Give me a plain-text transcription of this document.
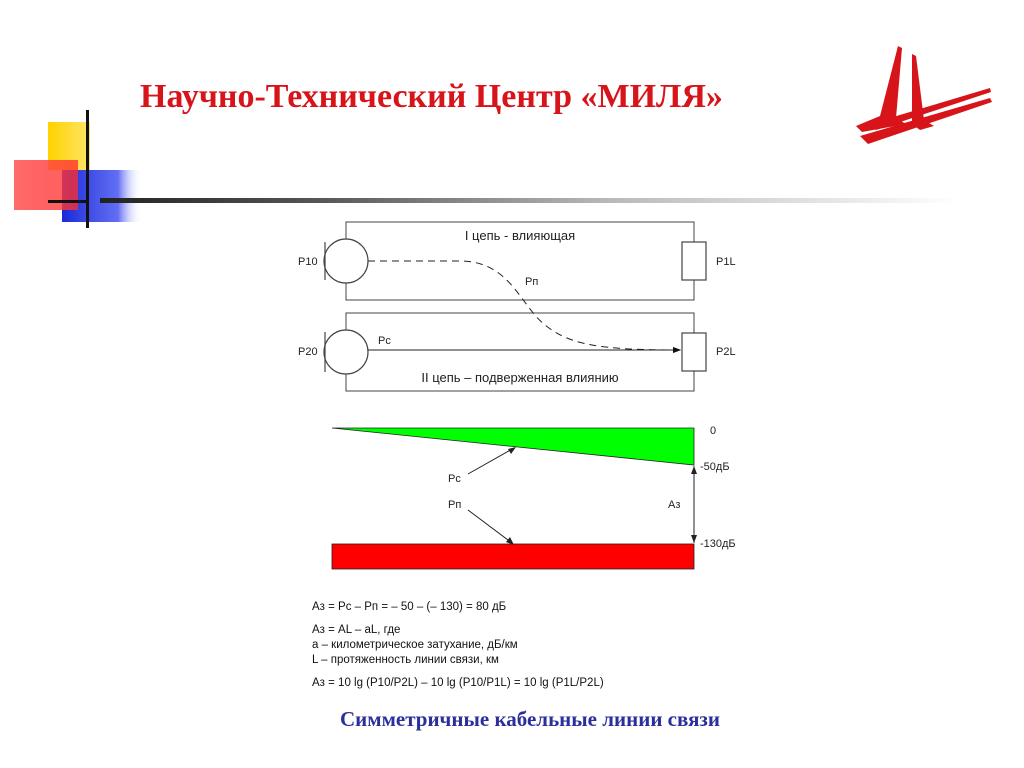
Научно-Технический Центр «МИЛЯ»
I цепь - влияющая
P10	P1L
II цепь – подверженная влиянию
P20	P2L
Pc
Pп
Aз
0
-50дБ
-130дБ
Pc
Pп
Aз = Pc – Pп = – 50 – (– 130) = 80 дБ
Aз = AL – aL, где
a – километрическое затухание, дБ/км
L – протяженность линии связи, км
Aз = 10 lg (P10/P2L) – 10 lg (P10/P1L) = 10 lg (P1L/P2L)
Симметричные кабельные линии связи
